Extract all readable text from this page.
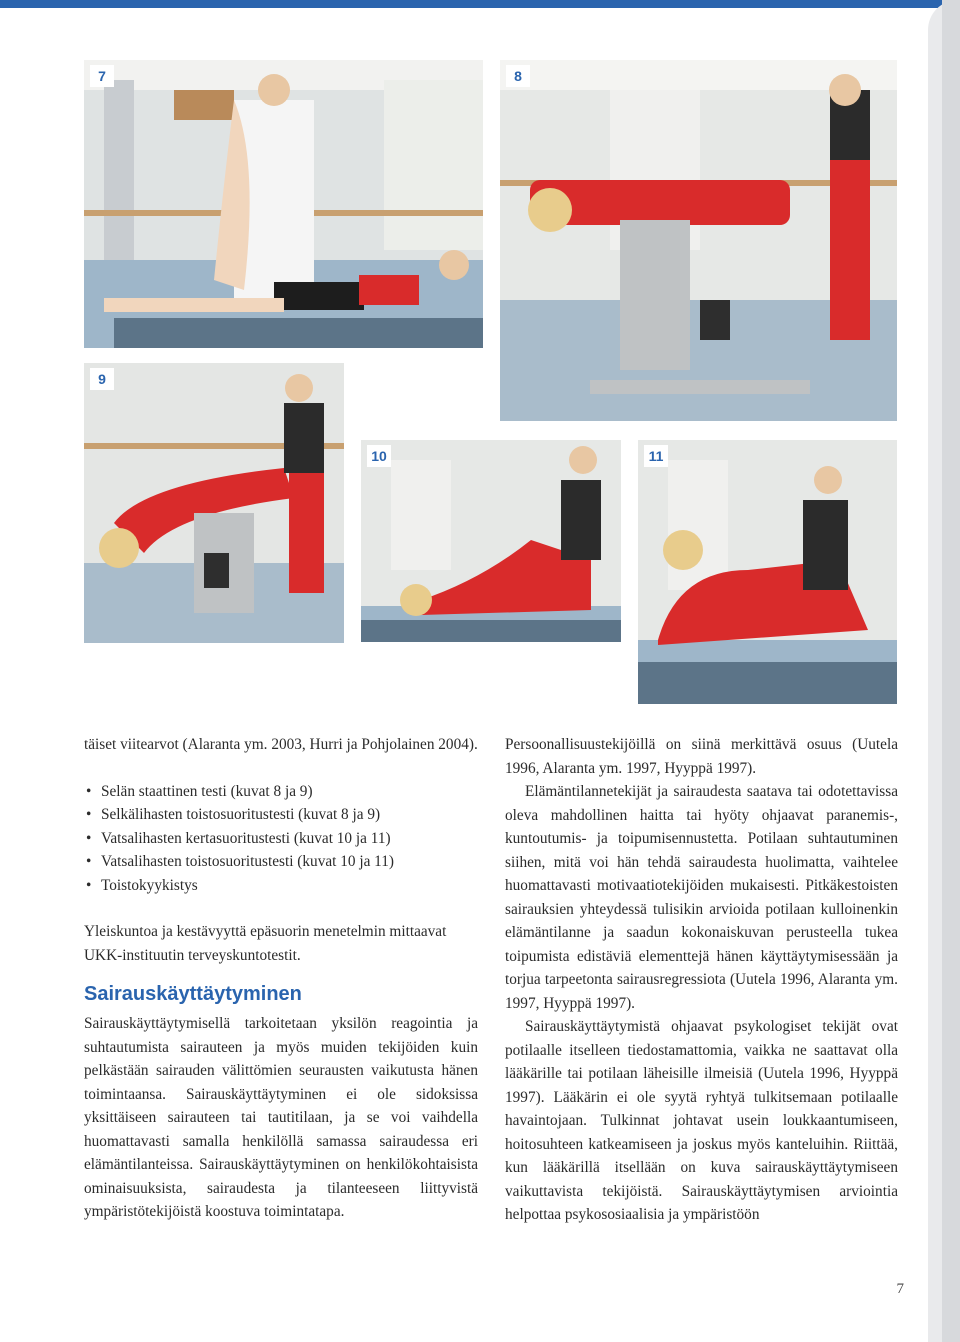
7	8
9
10	11

täiset viitearvot (Alaranta ym. 2003, Hurri ja Pohjolainen 2004).

• Selän staattinen testi (kuvat 8 ja 9)
• Selkälihasten toistosuoritustesti (kuvat 8 ja 9)
• Vatsalihasten kertasuoritustesti (kuvat 10 ja 11)
• Vatsalihasten toistosuoritustesti (kuvat 10 ja 11)
• Toistokyykistys

Yleiskuntoa ja kestävyyttä epäsuorin menetelmin mittaavat UKK-instituutin terveyskuntotestit.

Sairauskäyttäytyminen

Sairauskäyttäytymisellä tarkoitetaan yksilön reagointia ja suhtautumista sairauteen ja myös muiden tekijöiden kuin pelkästään sairauden välittömien seurausten vaikutusta hänen toimintaansa. Sairauskäyttäytyminen ei ole sidoksissa yksittäiseen sairauteen tai tautitilaan, ja se voi vaihdella huomattavasti samalla henkilöllä samassa sairaudessa eri elämäntilanteissa. Sairauskäyttäytyminen on henkilökohtaisista ominaisuuksista, sairaudesta ja tilanteeseen liittyvistä ympäristötekijöistä koostuva toimintatapa.

Persoonallisuustekijöillä on siinä merkittävä osuus (Uutela 1996, Alaranta ym. 1997, Hyyppä 1997).

Elämäntilannetekijät ja sairaudesta saatava tai odotettavissa oleva mahdollinen haitta tai hyöty ohjaavat paranemis-, kuntoutumis- ja toipumisennustetta. Potilaan suhtautuminen siihen, mitä voi hän tehdä sairaudesta huolimatta, vaihtelee huomattavasti motivaatiotekijöiden mukaisesti. Pitkäkestoisten sairauksien yhteydessä tulisikin arvioida potilaan kulloinenkin elämäntilanne ja saadun kokonaiskuvan perusteella tukea toipumista edistäviä elementtejä hänen käyttäytymisessään ja torjua tarpeetonta sairausregressiota (Uutela 1996, Alaranta ym. 1997, Hyyppä 1997).

Sairauskäyttäytymistä ohjaavat psykologiset tekijät ovat potilaalle itselleen tiedostamattomia, vaikka ne saattavat olla lääkärille tai potilaan läheisille ilmeisiä (Uutela 1996, Hyyppä 1997). Lääkärin ei ole syytä ryhtyä tulkitsemaan potilaalle havaintojaan. Tulkinnat johtavat usein loukkaantumiseen, hoitosuhteen katkeamiseen ja joskus myös kanteluihin. Riittää, kun lääkärillä itsellään on kuva sairauskäyttäytymiseen vaikuttavista tekijöistä. Sairauskäyttäytymisen arviointia helpottaa psykososiaalisia ja ympäristöön

7
